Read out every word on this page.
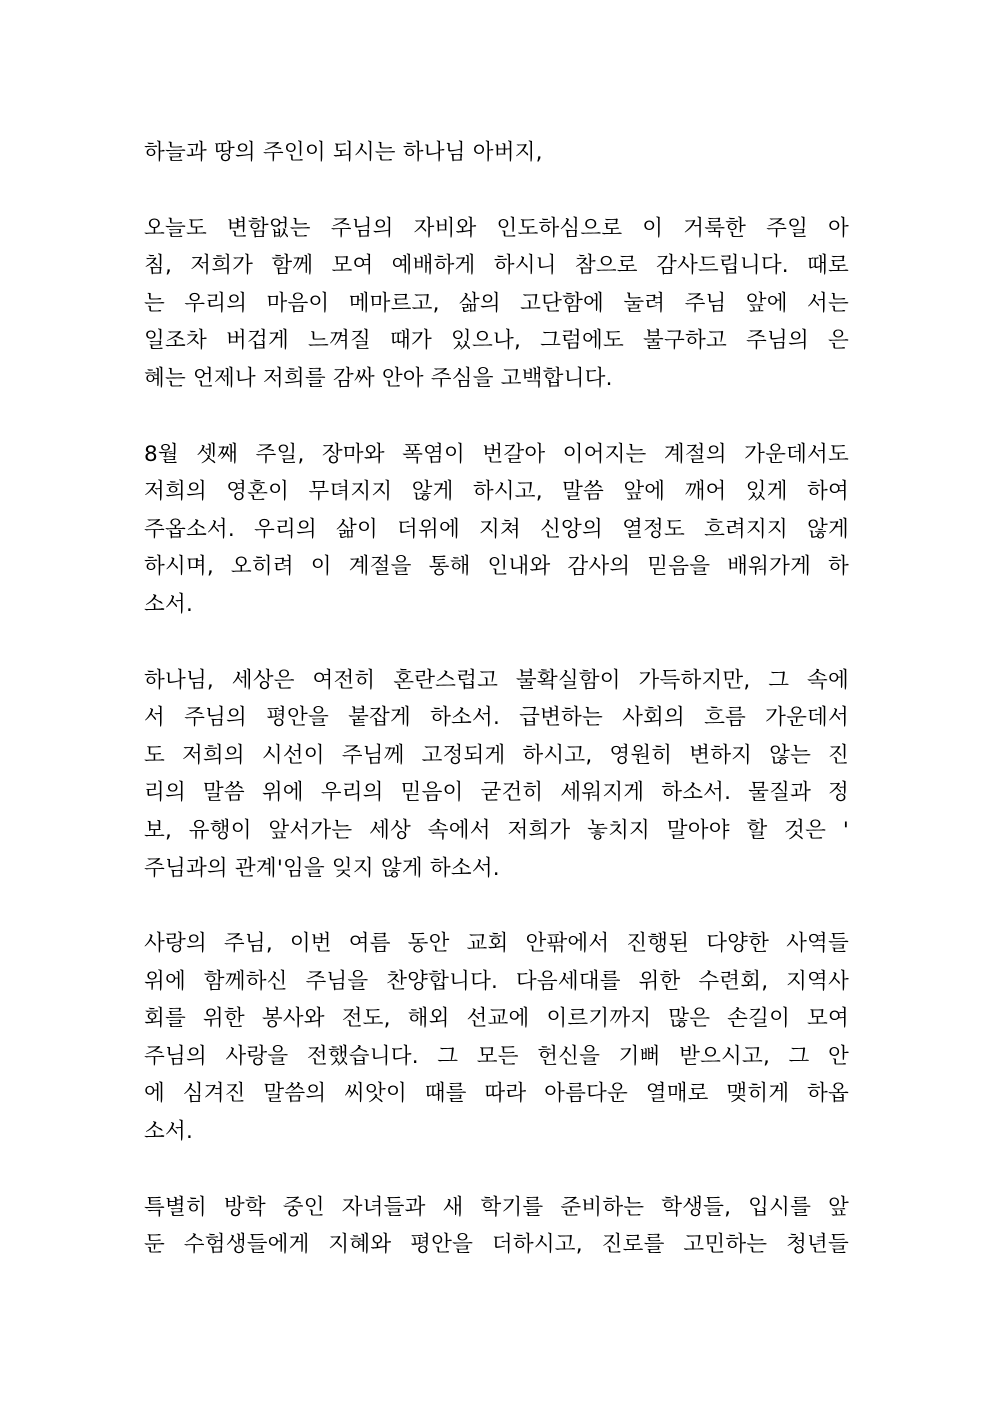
하늘과 땅의 주인이 되시는 하나님 아버지,

오늘도 변함없는 주님의 자비와 인도하심으로 이 거룩한 주일 아
침, 저희가 함께 모여 예배하게 하시니 참으로 감사드립니다. 때로
는 우리의 마음이 메마르고, 삶의 고단함에 눌려 주님 앞에 서는
일조차 버겁게 느껴질 때가 있으나, 그럼에도 불구하고 주님의 은
혜는 언제나 저희를 감싸 안아 주심을 고백합니다.

8월 셋째 주일, 장마와 폭염이 번갈아 이어지는 계절의 가운데서도
저희의 영혼이 무뎌지지 않게 하시고, 말씀 앞에 깨어 있게 하여
주옵소서. 우리의 삶이 더위에 지쳐 신앙의 열정도 흐려지지 않게
하시며, 오히려 이 계절을 통해 인내와 감사의 믿음을 배워가게 하
소서.

하나님, 세상은 여전히 혼란스럽고 불확실함이 가득하지만, 그 속에
서 주님의 평안을 붙잡게 하소서. 급변하는 사회의 흐름 가운데서
도 저희의 시선이 주님께 고정되게 하시고, 영원히 변하지 않는 진
리의 말씀 위에 우리의 믿음이 굳건히 세워지게 하소서. 물질과 정
보, 유행이 앞서가는 세상 속에서 저희가 놓치지 말아야 할 것은 '
주님과의 관계'임을 잊지 않게 하소서.

사랑의 주님, 이번 여름 동안 교회 안팎에서 진행된 다양한 사역들
위에 함께하신 주님을 찬양합니다. 다음세대를 위한 수련회, 지역사
회를 위한 봉사와 전도, 해외 선교에 이르기까지 많은 손길이 모여
주님의 사랑을 전했습니다. 그 모든 헌신을 기뻐 받으시고, 그 안
에 심겨진 말씀의 씨앗이 때를 따라 아름다운 열매로 맺히게 하옵
소서.

특별히 방학 중인 자녀들과 새 학기를 준비하는 학생들, 입시를 앞
둔 수험생들에게 지혜와 평안을 더하시고, 진로를 고민하는 청년들
